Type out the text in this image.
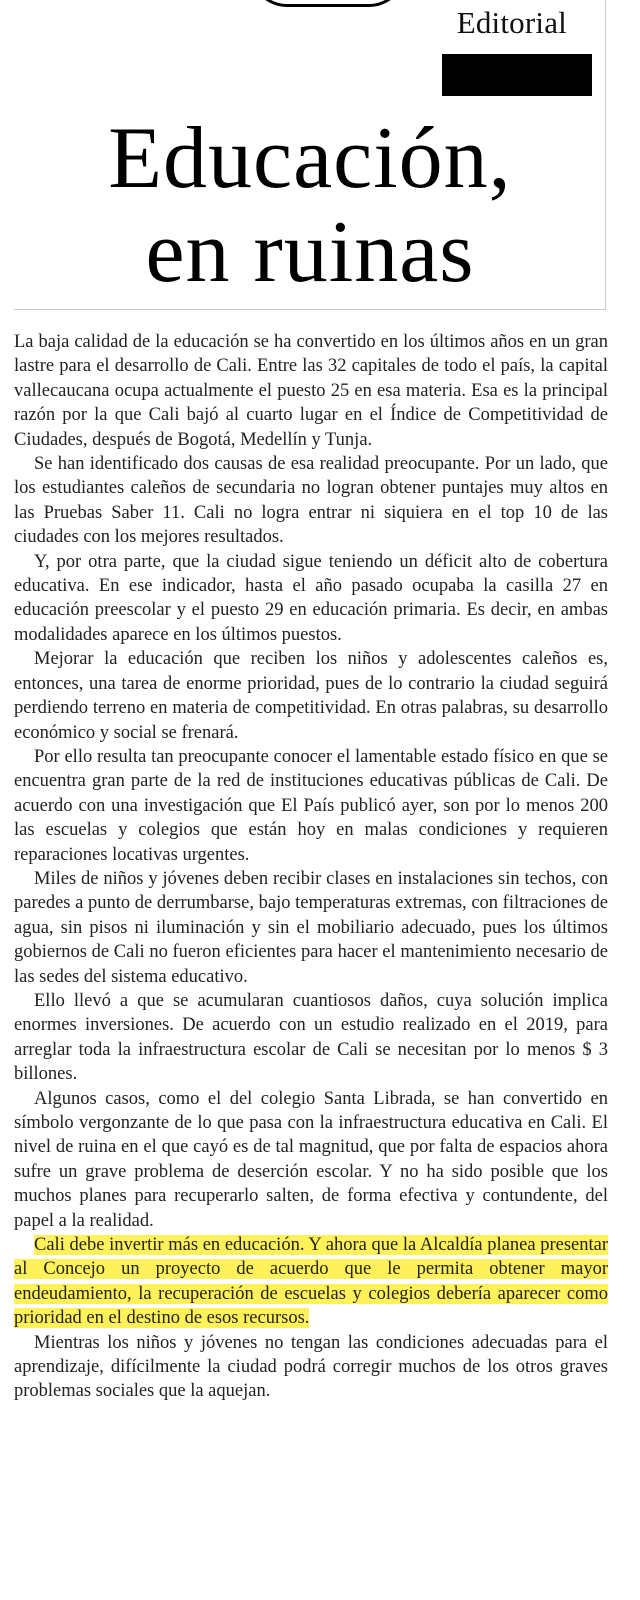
Editorial
Educación,
en ruinas

La baja calidad de la educación se ha convertido en los últimos años en un gran lastre para el desarrollo de Cali. Entre las 32 capitales de todo el país, la capital vallecaucana ocupa actualmente el puesto 25 en esa materia. Esa es la principal razón por la que Cali bajó al cuarto lugar en el Índice de Competitividad de Ciudades, después de Bogotá, Medellín y Tunja.

Se han identificado dos causas de esa realidad preocupante. Por un lado, que los estudiantes caleños de secundaria no logran obtener puntajes muy altos en las Pruebas Saber 11. Cali no logra entrar ni siquiera en el top 10 de las ciudades con los mejores resultados.

Y, por otra parte, que la ciudad sigue teniendo un déficit alto de cobertura educativa. En ese indicador, hasta el año pasado ocupaba la casilla 27 en educación preescolar y el puesto 29 en educación primaria. Es decir, en ambas modalidades aparece en los últimos puestos.

Mejorar la educación que reciben los niños y adolescentes caleños es, entonces, una tarea de enorme prioridad, pues de lo contrario la ciudad seguirá perdiendo terreno en materia de competitividad. En otras palabras, su desarrollo económico y social se frenará.

Por ello resulta tan preocupante conocer el lamentable estado físico en que se encuentra gran parte de la red de instituciones educativas públicas de Cali. De acuerdo con una investigación que El País publicó ayer, son por lo menos 200 las escuelas y colegios que están hoy en malas condiciones y requieren reparaciones locativas urgentes.

Miles de niños y jóvenes deben recibir clases en instalaciones sin techos, con paredes a punto de derrumbarse, bajo temperaturas extremas, con filtraciones de agua, sin pisos ni iluminación y sin el mobiliario adecuado, pues los últimos gobiernos de Cali no fueron eficientes para hacer el mantenimiento necesario de las sedes del sistema educativo.

Ello llevó a que se acumularan cuantiosos daños, cuya solución implica enormes inversiones. De acuerdo con un estudio realizado en el 2019, para arreglar toda la infraestructura escolar de Cali se necesitan por lo menos $ 3 billones.

Algunos casos, como el del colegio Santa Librada, se han convertido en símbolo vergonzante de lo que pasa con la infraestructura educativa en Cali. El nivel de ruina en el que cayó es de tal magnitud, que por falta de espacios ahora sufre un grave problema de deserción escolar. Y no ha sido posible que los muchos planes para recuperarlo salten, de forma efectiva y contundente, del papel a la realidad.

Cali debe invertir más en educación. Y ahora que la Alcaldía planea presentar al Concejo un proyecto de acuerdo que le permita obtener mayor endeudamiento, la recuperación de escuelas y colegios debería aparecer como prioridad en el destino de esos recursos.

Mientras los niños y jóvenes no tengan las condiciones adecuadas para el aprendizaje, difícilmente la ciudad podrá corregir muchos de los otros graves problemas sociales que la aquejan.
